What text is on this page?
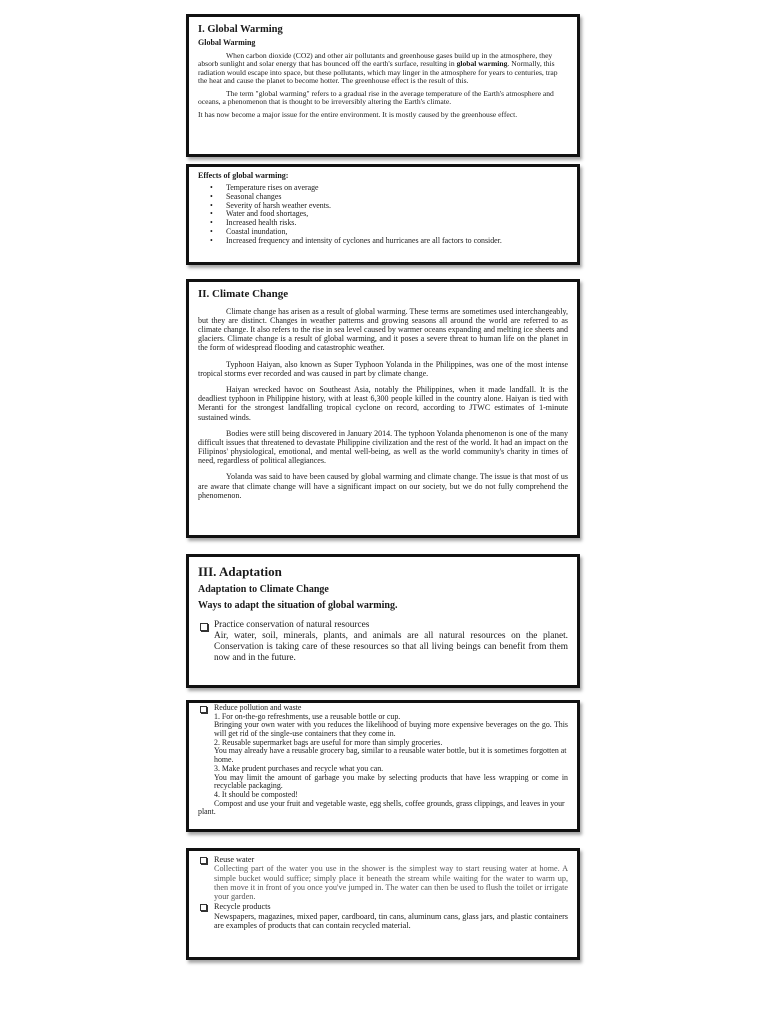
I. Global Warming
Global Warming

When carbon dioxide (CO2) and other air pollutants and greenhouse gases build up in the atmosphere, they absorb sunlight and solar energy that has bounced off the earth's surface, resulting in global warming. Normally, this radiation would escape into space, but these pollutants, which may linger in the atmosphere for years to centuries, trap the heat and cause the planet to become hotter. The greenhouse effect is the result of this.

The term "global warming" refers to a gradual rise in the average temperature of the Earth's atmosphere and oceans, a phenomenon that is thought to be irreversibly altering the Earth's climate.

It has now become a major issue for the entire environment. It is mostly caused by the greenhouse effect.

Effects of global warming:
• Temperature rises on average
• Seasonal changes
• Severity of harsh weather events.
• Water and food shortages,
• Increased health risks.
• Coastal inundation,
• Increased frequency and intensity of cyclones and hurricanes are all factors to consider.
II. Climate Change

Climate change has arisen as a result of global warming. These terms are sometimes used interchangeably, but they are distinct. Changes in weather patterns and growing seasons all around the world are referred to as climate change. It also refers to the rise in sea level caused by warmer oceans expanding and melting ice sheets and glaciers. Climate change is a result of global warming, and it poses a severe threat to human life on the planet in the form of widespread flooding and catastrophic weather.

Typhoon Haiyan, also known as Super Typhoon Yolanda in the Philippines, was one of the most intense tropical storms ever recorded and was caused in part by climate change.

Haiyan wrecked havoc on Southeast Asia, notably the Philippines, when it made landfall. It is the deadliest typhoon in Philippine history, with at least 6,300 people killed in the country alone. Haiyan is tied with Meranti for the strongest landfalling tropical cyclone on record, according to JTWC estimates of 1-minute sustained winds.

Bodies were still being discovered in January 2014. The typhoon Yolanda phenomenon is one of the many difficult issues that threatened to devastate Philippine civilization and the rest of the world. It had an impact on the Filipinos' physiological, emotional, and mental well-being, as well as the world community's charity in times of need, regardless of political allegiances.

Yolanda was said to have been caused by global warming and climate change. The issue is that most of us are aware that climate change will have a significant impact on our society, but we do not fully comprehend the phenomenon.

III. Adaptation
Adaptation to Climate Change
Ways to adapt the situation of global warming.
Practice conservation of natural resources
Air, water, soil, minerals, plants, and animals are all natural resources on the planet. Conservation is taking care of these resources so that all living beings can benefit from them now and in the future.
Reduce pollution and waste
1. For on-the-go refreshments, use a reusable bottle or cup.
Bringing your own water with you reduces the likelihood of buying more expensive beverages on the go. This will get rid of the single-use containers that they come in.
2. Reusable supermarket bags are useful for more than simply groceries.
You may already have a reusable grocery bag, similar to a reusable water bottle, but it is sometimes forgotten at home.
3. Make prudent purchases and recycle what you can.
You may limit the amount of garbage you make by selecting products that have less wrapping or come in recyclable packaging.
4. It should be composted!
Compost and use your fruit and vegetable waste, egg shells, coffee grounds, grass clippings, and leaves in your plant.
Reuse water
Collecting part of the water you use in the shower is the simplest way to start reusing water at home. A simple bucket would suffice; simply place it beneath the stream while waiting for the water to warm up, then move it in front of you once you've jumped in. The water can then be used to flush the toilet or irrigate your garden.
Recycle products
Newspapers, magazines, mixed paper, cardboard, tin cans, aluminum cans, glass jars, and plastic containers are examples of products that can contain recycled material.
